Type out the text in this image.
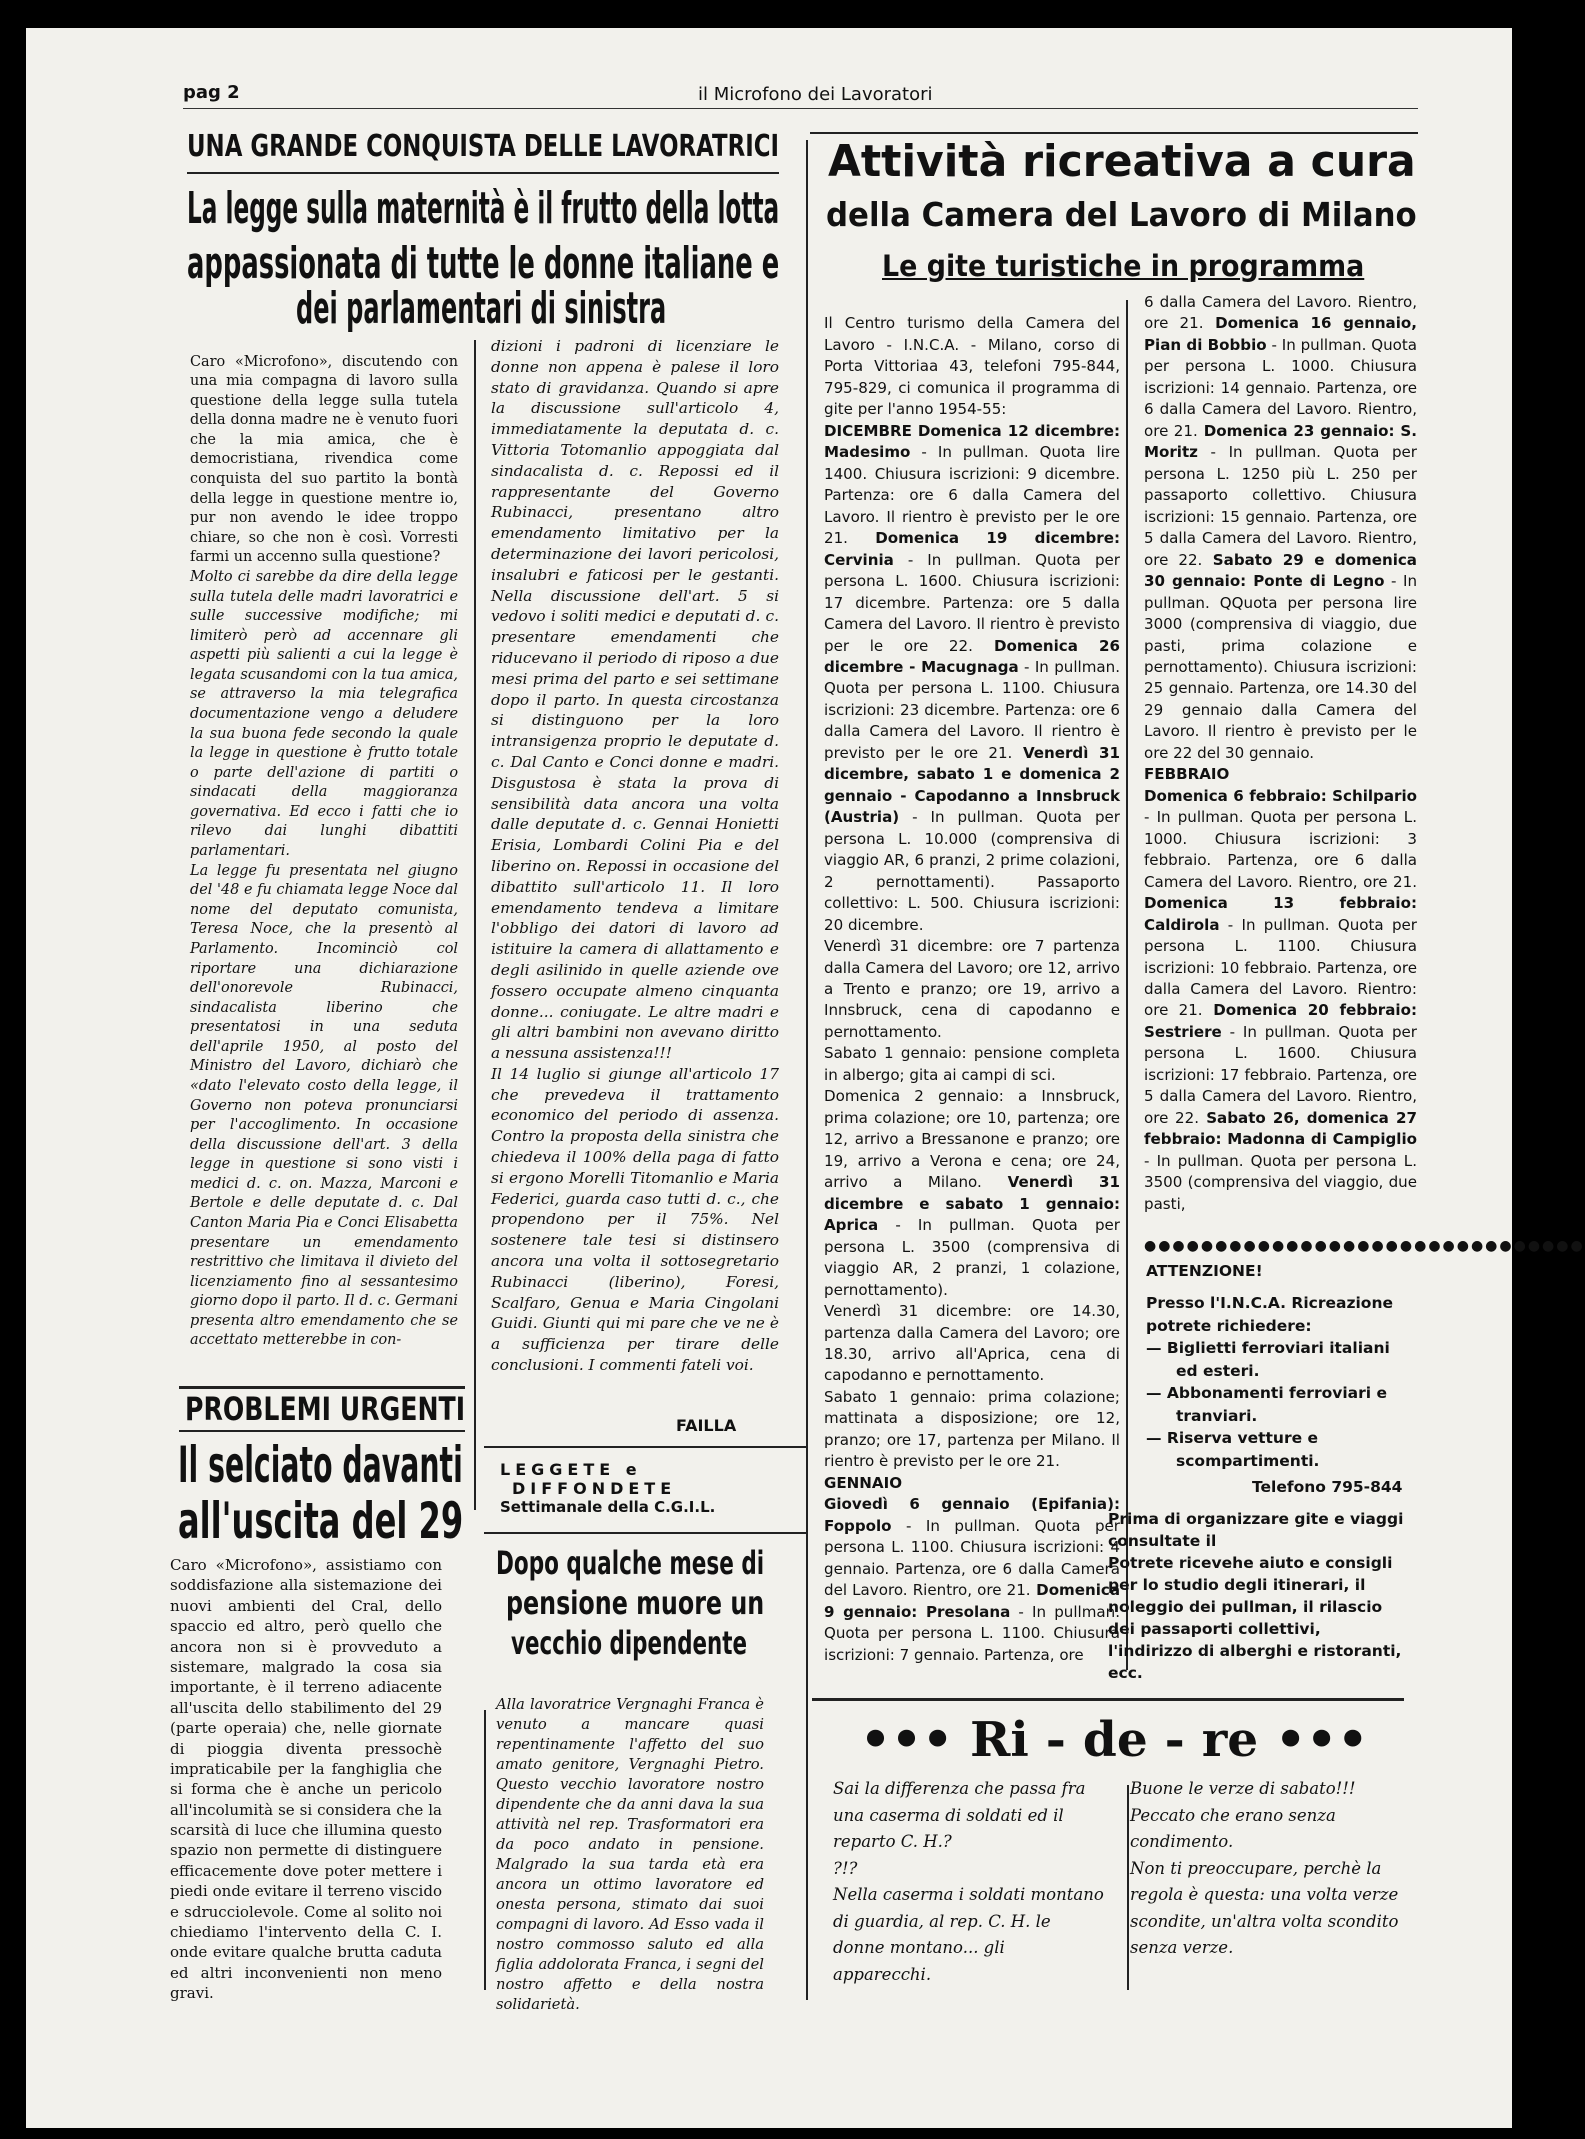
pag 2	il Microfono dei Lavoratori
UNA GRANDE CONQUISTA DELLE LAVORATRICI
La legge sulla maternità è il frutto della lotta
appassionata di tutte le donne italiane e
dei parlamentari di sinistra

Caro «Microfono», discutendo con una mia compagna di lavoro sulla questione della legge sulla tutela della donna madre ne è venuto fuori che la mia amica, che è democristiana, rivendica come conquista del suo partito la bontà della legge in questione mentre io, pur non avendo le idee troppo chiare, so che non è così. Vorresti farmi un accenno sulla questione?
Molto ci sarebbe da dire della legge sulla tutela delle madri lavoratrici e sulle successive modifiche; mi limiterò però ad accennare gli aspetti più salienti a cui la legge è legata scusandomi con la tua amica, se attraverso la mia telegrafica documentazione vengo a deludere la sua buona fede secondo la quale la legge in questione è frutto totale o parte dell'azione di partiti o sindacati della maggioranza governativa. Ed ecco i fatti che io rilevo dai lunghi dibattiti parlamentari.
La legge fu presentata nel giugno del '48 e fu chiamata legge Noce dal nome del deputato comunista, Teresa Noce, che la presentò al Parlamento. Incominciò col riportare una dichiarazione dell'onorevole Rubinacci, sindacalista liberino che presentatosi in una seduta dell'aprile 1950, al posto del Ministro del Lavoro, dichiarò che «dato l'elevato costo della legge, il Governo non poteva pronunciarsi per l'accoglimento. In occasione della discussione dell'art. 3 della legge in questione si sono visti i medici d. c. on. Mazza, Marconi e Bertole e delle deputate d. c. Dal Canton Maria Pia e Conci Elisabetta presentare un emendamento restrittivo che limitava il divieto del licenziamento fino al sessantesimo giorno dopo il parto. Il d. c. Germani presenta altro emendamento che se accettato metterebbe in con-

dizioni i padroni di licenziare le donne non appena è palese il loro stato di gravidanza. Quando si apre la discussione sull'articolo 4, immediatamente la deputata d. c. Vittoria Totomanlio appoggiata dal sindacalista d. c. Repossi ed il rappresentante del Governo Rubinacci, presentano altro emendamento limitativo per la determinazione dei lavori pericolosi, insalubri e faticosi per le gestanti. Nella discussione dell'art. 5 si vedovo i soliti medici e deputati d. c. presentare emendamenti che riducevano il periodo di riposo a due mesi prima del parto e sei settimane dopo il parto. In questa circostanza si distinguono per la loro intransigenza proprio le deputate d. c. Dal Canto e Conci donne e madri. Disgustosa è stata la prova di sensibilità data ancora una volta dalle deputate d. c. Gennai Honietti Erisia, Lombardi Colini Pia e del liberino on. Repossi in occasione del dibattito sull'articolo 11. Il loro emendamento tendeva a limitare l'obbligo dei datori di lavoro ad istituire la camera di allattamento e degli asilinido in quelle aziende ove fossero occupate almeno cinquanta donne... coniugate. Le altre madri e gli altri bambini non avevano diritto a nessuna assistenza!!!
Il 14 luglio si giunge all'articolo 17 che prevedeva il trattamento economico del periodo di assenza. Contro la proposta della sinistra che chiedeva il 100% della paga di fatto si ergono Morelli Titomanlio e Maria Federici, guarda caso tutti d. c., che propendono per il 75%. Nel sostenere tale tesi si distinsero ancora una volta il sottosegretario Rubinacci (liberino), Foresi, Scalfaro, Genua e Maria Cingolani Guidi. Giunti qui mi pare che ve ne è a sufficienza per tirare delle conclusioni. I commenti fateli voi.
FAILLA
PROBLEMI URGENTI
Il selciato davanti
all'uscita del 29
Caro «Microfono», assistiamo con soddisfazione alla sistemazione dei nuovi ambienti del Cral, dello spaccio ed altro, però quello che ancora non si è provveduto a sistemare, malgrado la cosa sia importante, è il terreno adiacente all'uscita dello stabilimento del 29 (parte operaia) che, nelle giornate di pioggia diventa pressochè impraticabile per la fanghiglia che si forma che è anche un pericolo all'incolumità se si considera che la scarsità di luce che illumina questo spazio non permette di distinguere efficacemente dove poter mettere i piedi onde evitare il terreno viscido e sdrucciolevole. Come al solito noi chiediamo l'intervento della C. I. onde evitare qualche brutta caduta ed altri inconvenienti non meno gravi.
LEGGETE e
DIFFONDETE
Settimanale della C.G.I.L.
Dopo qualche mese di
pensione muore un
vecchio dipendente
Alla lavoratrice Vergnaghi Franca è venuto a mancare quasi repentinamente l'affetto del suo amato genitore, Vergnaghi Pietro. Questo vecchio lavoratore nostro dipendente che da anni dava la sua attività nel rep. Trasformatori era da poco andato in pensione. Malgrado la sua tarda età era ancora un ottimo lavoratore ed onesta persona, stimato dai suoi compagni di lavoro. Ad Esso vada il nostro commosso saluto ed alla figlia addolorata Franca, i segni del nostro affetto e della nostra solidarietà.
Attività ricreativa a cura
della Camera del Lavoro di Milano
Le gite turistiche in programma

Il Centro turismo della Camera del Lavoro - I.N.C.A. - Milano, corso di Porta Vittoriaa 43, telefoni 795-844, 795-829, ci comunica il programma di gite per l'anno 1954-55:
DICEMBRE Domenica 12 dicembre: Madesimo - In pullman. Quota lire 1400. Chiusura iscrizioni: 9 dicembre. Partenza: ore 6 dalla Camera del Lavoro. Il rientro è previsto per le ore 21. Domenica 19 dicembre: Cervinia - In pullman. Quota per persona L. 1600. Chiusura iscrizioni: 17 dicembre. Partenza: ore 5 dalla Camera del Lavoro. Il rientro è previsto per le ore 22. Domenica 26 dicembre - Macugnaga - In pullman. Quota per persona L. 1100. Chiusura iscrizioni: 23 dicembre. Partenza: ore 6 dalla Camera del Lavoro. Il rientro è previsto per le ore 21. Venerdì 31 dicembre, sabato 1 e domenica 2 gennaio - Capodanno a Innsbruck (Austria) - In pullman. Quota per persona L. 10.000 (comprensiva di viaggio AR, 6 pranzi, 2 prime colazioni, 2 pernottamenti). Passaporto collettivo: L. 500. Chiusura iscrizioni: 20 dicembre.
Venerdì 31 dicembre: ore 7 partenza dalla Camera del Lavoro; ore 12, arrivo a Trento e pranzo; ore 19, arrivo a Innsbruck, cena di capodanno e pernottamento.
Sabato 1 gennaio: pensione completa in albergo; gita ai campi di sci.
Domenica 2 gennaio: a Innsbruck, prima colazione; ore 10, partenza; ore 12, arrivo a Bressanone e pranzo; ore 19, arrivo a Verona e cena; ore 24, arrivo a Milano. Venerdì 31 dicembre e sabato 1 gennaio: Aprica - In pullman. Quota per persona L. 3500 (comprensiva di viaggio AR, 2 pranzi, 1 colazione, pernottamento).
Venerdì 31 dicembre: ore 14.30, partenza dalla Camera del Lavoro; ore 18.30, arrivo all'Aprica, cena di capodanno e pernottamento.
Sabato 1 gennaio: prima colazione; mattinata a disposizione; ore 12, pranzo; ore 17, partenza per Milano. Il rientro è previsto per le ore 21.
GENNAIO
Giovedì 6 gennaio (Epifania): Foppolo - In pullman. Quota per persona L. 1100. Chiusura iscrizioni: 4 gennaio. Partenza, ore 6 dalla Camera del Lavoro. Rientro, ore 21. Domenica 9 gennaio: Presolana - In pullman. Quota per persona L. 1100. Chiusura iscrizioni: 7 gennaio. Partenza, ore

6 dalla Camera del Lavoro. Rientro, ore 21. Domenica 16 gennaio, Pian di Bobbio - In pullman. Quota per persona L. 1000. Chiusura iscrizioni: 14 gennaio. Partenza, ore 6 dalla Camera del Lavoro. Rientro, ore 21. Domenica 23 gennaio: S. Moritz - In pullman. Quota per persona L. 1250 più L. 250 per passaporto collettivo. Chiusura iscrizioni: 15 gennaio. Partenza, ore 5 dalla Camera del Lavoro. Rientro, ore 22. Sabato 29 e domenica 30 gennaio: Ponte di Legno - In pullman. QQuota per persona lire 3000 (comprensiva di viaggio, due pasti, prima colazione e pernottamento). Chiusura iscrizioni: 25 gennaio. Partenza, ore 14.30 del 29 gennaio dalla Camera del Lavoro. Il rientro è previsto per le ore 22 del 30 gennaio.
FEBBRAIO
Domenica 6 febbraio: Schilpario - In pullman. Quota per persona L. 1000. Chiusura iscrizioni: 3 febbraio. Partenza, ore 6 dalla Camera del Lavoro. Rientro, ore 21. Domenica 13 febbraio: Caldirola - In pullman. Quota per persona L. 1100. Chiusura iscrizioni: 10 febbraio. Partenza, ore dalla Camera del Lavoro. Rientro: ore 21. Domenica 20 febbraio: Sestriere - In pullman. Quota per persona L. 1600. Chiusura iscrizioni: 17 febbraio. Partenza, ore 5 dalla Camera del Lavoro. Rientro, ore 22. Sabato 26, domenica 27 febbraio: Madonna di Campiglio - In pullman. Quota per persona L. 3500 (comprensiva del viaggio, due pasti,
●●●●●●●●●●●●●●●●●●●●●●●●●●●●●●●
ATTENZIONE!
Presso l'I.N.C.A. Ricreazione potrete richiedere:
— Biglietti ferroviari italiani ed esteri.
— Abbonamenti ferroviari e tranviari.
— Riserva vetture e scompartimenti.
Telefono 795-844
Prima di organizzare gite e viaggi consultate il
Potrete ricevehe aiuto e consigli per lo studio degli itinerari, il noleggio dei pullman, il rilascio dei passaporti collettivi, l'indirizzo di alberghi e ristoranti, ecc.
••• Ri - de - re •••
Sai la differenza che passa fra una caserma di soldati ed il reparto C. H.?
?!?
Nella caserma i soldati montano di guardia, al rep. C. H. le donne montano... gli apparecchi.
Buone le verze di sabato!!! Peccato che erano senza condimento.
Non ti preoccupare, perchè la regola è questa: una volta verze scondite, un'altra volta scondito senza verze.
